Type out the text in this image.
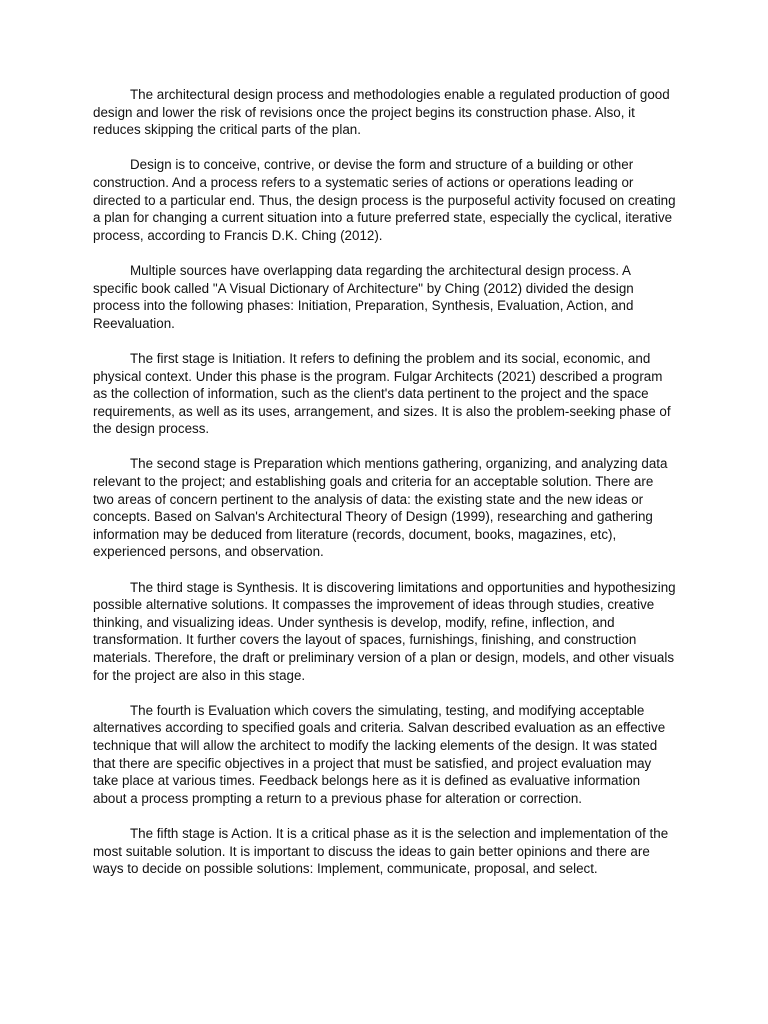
The architectural design process and methodologies enable a regulated production of good design and lower the risk of revisions once the project begins its construction phase. Also, it reduces skipping the critical parts of the plan.

Design is to conceive, contrive, or devise the form and structure of a building or other construction. And a process refers to a systematic series of actions or operations leading or directed to a particular end. Thus, the design process is the purposeful activity focused on creating a plan for changing a current situation into a future preferred state, especially the cyclical, iterative process, according to Francis D.K. Ching (2012).

Multiple sources have overlapping data regarding the architectural design process. A specific book called "A Visual Dictionary of Architecture" by Ching (2012) divided the design process into the following phases: Initiation, Preparation, Synthesis, Evaluation, Action, and Reevaluation.

The first stage is Initiation. It refers to defining the problem and its social, economic, and physical context. Under this phase is the program. Fulgar Architects (2021) described a program as the collection of information, such as the client's data pertinent to the project and the space requirements, as well as its uses, arrangement, and sizes. It is also the problem-seeking phase of the design process.

The second stage is Preparation which mentions gathering, organizing, and analyzing data relevant to the project; and establishing goals and criteria for an acceptable solution. There are two areas of concern pertinent to the analysis of data: the existing state and the new ideas or concepts. Based on Salvan's Architectural Theory of Design (1999), researching and gathering information may be deduced from literature (records, document, books, magazines, etc), experienced persons, and observation.

The third stage is Synthesis. It is discovering limitations and opportunities and hypothesizing possible alternative solutions. It compasses the improvement of ideas through studies, creative thinking, and visualizing ideas. Under synthesis is develop, modify, refine, inflection, and transformation. It further covers the layout of spaces, furnishings, finishing, and construction materials. Therefore, the draft or preliminary version of a plan or design, models, and other visuals for the project are also in this stage.

The fourth is Evaluation which covers the simulating, testing, and modifying acceptable alternatives according to specified goals and criteria. Salvan described evaluation as an effective technique that will allow the architect to modify the lacking elements of the design. It was stated that there are specific objectives in a project that must be satisfied, and project evaluation may take place at various times. Feedback belongs here as it is defined as evaluative information about a process prompting a return to a previous phase for alteration or correction.

The fifth stage is Action. It is a critical phase as it is the selection and implementation of the most suitable solution. It is important to discuss the ideas to gain better opinions and there are ways to decide on possible solutions: Implement, communicate, proposal, and select.
